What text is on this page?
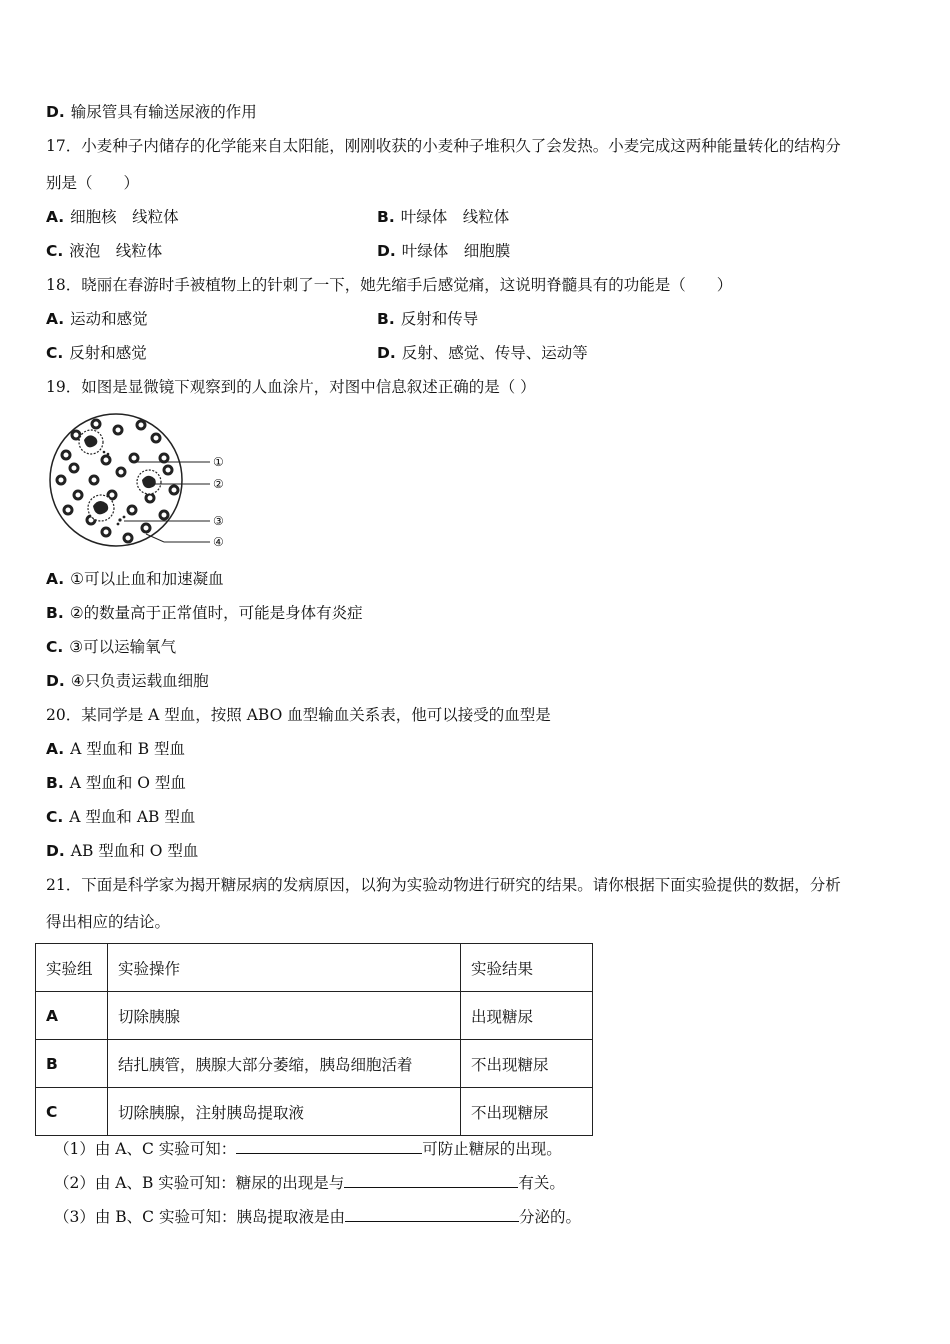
D. 输尿管具有输送尿液的作用
17．小麦种子内储存的化学能来自太阳能，刚刚收获的小麦种子堆积久了会发热。小麦完成这两种能量转化的结构分
别是（　　）
A. 细胞核　线粒体	B. 叶绿体　线粒体
C. 液泡　线粒体	D. 叶绿体　细胞膜
18．晓丽在春游时手被植物上的针刺了一下，她先缩手后感觉痛，这说明脊髓具有的功能是（　　）
A. 运动和感觉	B. 反射和传导
C. 反射和感觉	D. 反射、感觉、传导、运动等
19．如图是显微镜下观察到的人血涂片，对图中信息叙述正确的是（ ）
①
②
③
④
A. ①可以止血和加速凝血
B. ②的数量高于正常值时，可能是身体有炎症
C. ③可以运输氧气
D. ④只负责运载血细胞
20．某同学是 A 型血，按照 ABO 血型输血关系表，他可以接受的血型是
A. A 型血和 B 型血
B. A 型血和 O 型血
C. A 型血和 AB 型血
D. AB 型血和 O 型血
21．下面是科学家为揭开糖尿病的发病原因，以狗为实验动物进行研究的结果。请你根据下面实验提供的数据，分析
得出相应的结论。
实验组	实验操作	实验结果
A	切除胰腺	出现糖尿
B	结扎胰管，胰腺大部分萎缩，胰岛细胞活着	不出现糖尿
C	切除胰腺，注射胰岛提取液	不出现糖尿
（1）由 A、C 实验可知：	可防止糖尿的出现。
（2）由 A、B 实验可知：糖尿的出现是与	有关。
（3）由 B、C 实验可知：胰岛提取液是由	分泌的。
